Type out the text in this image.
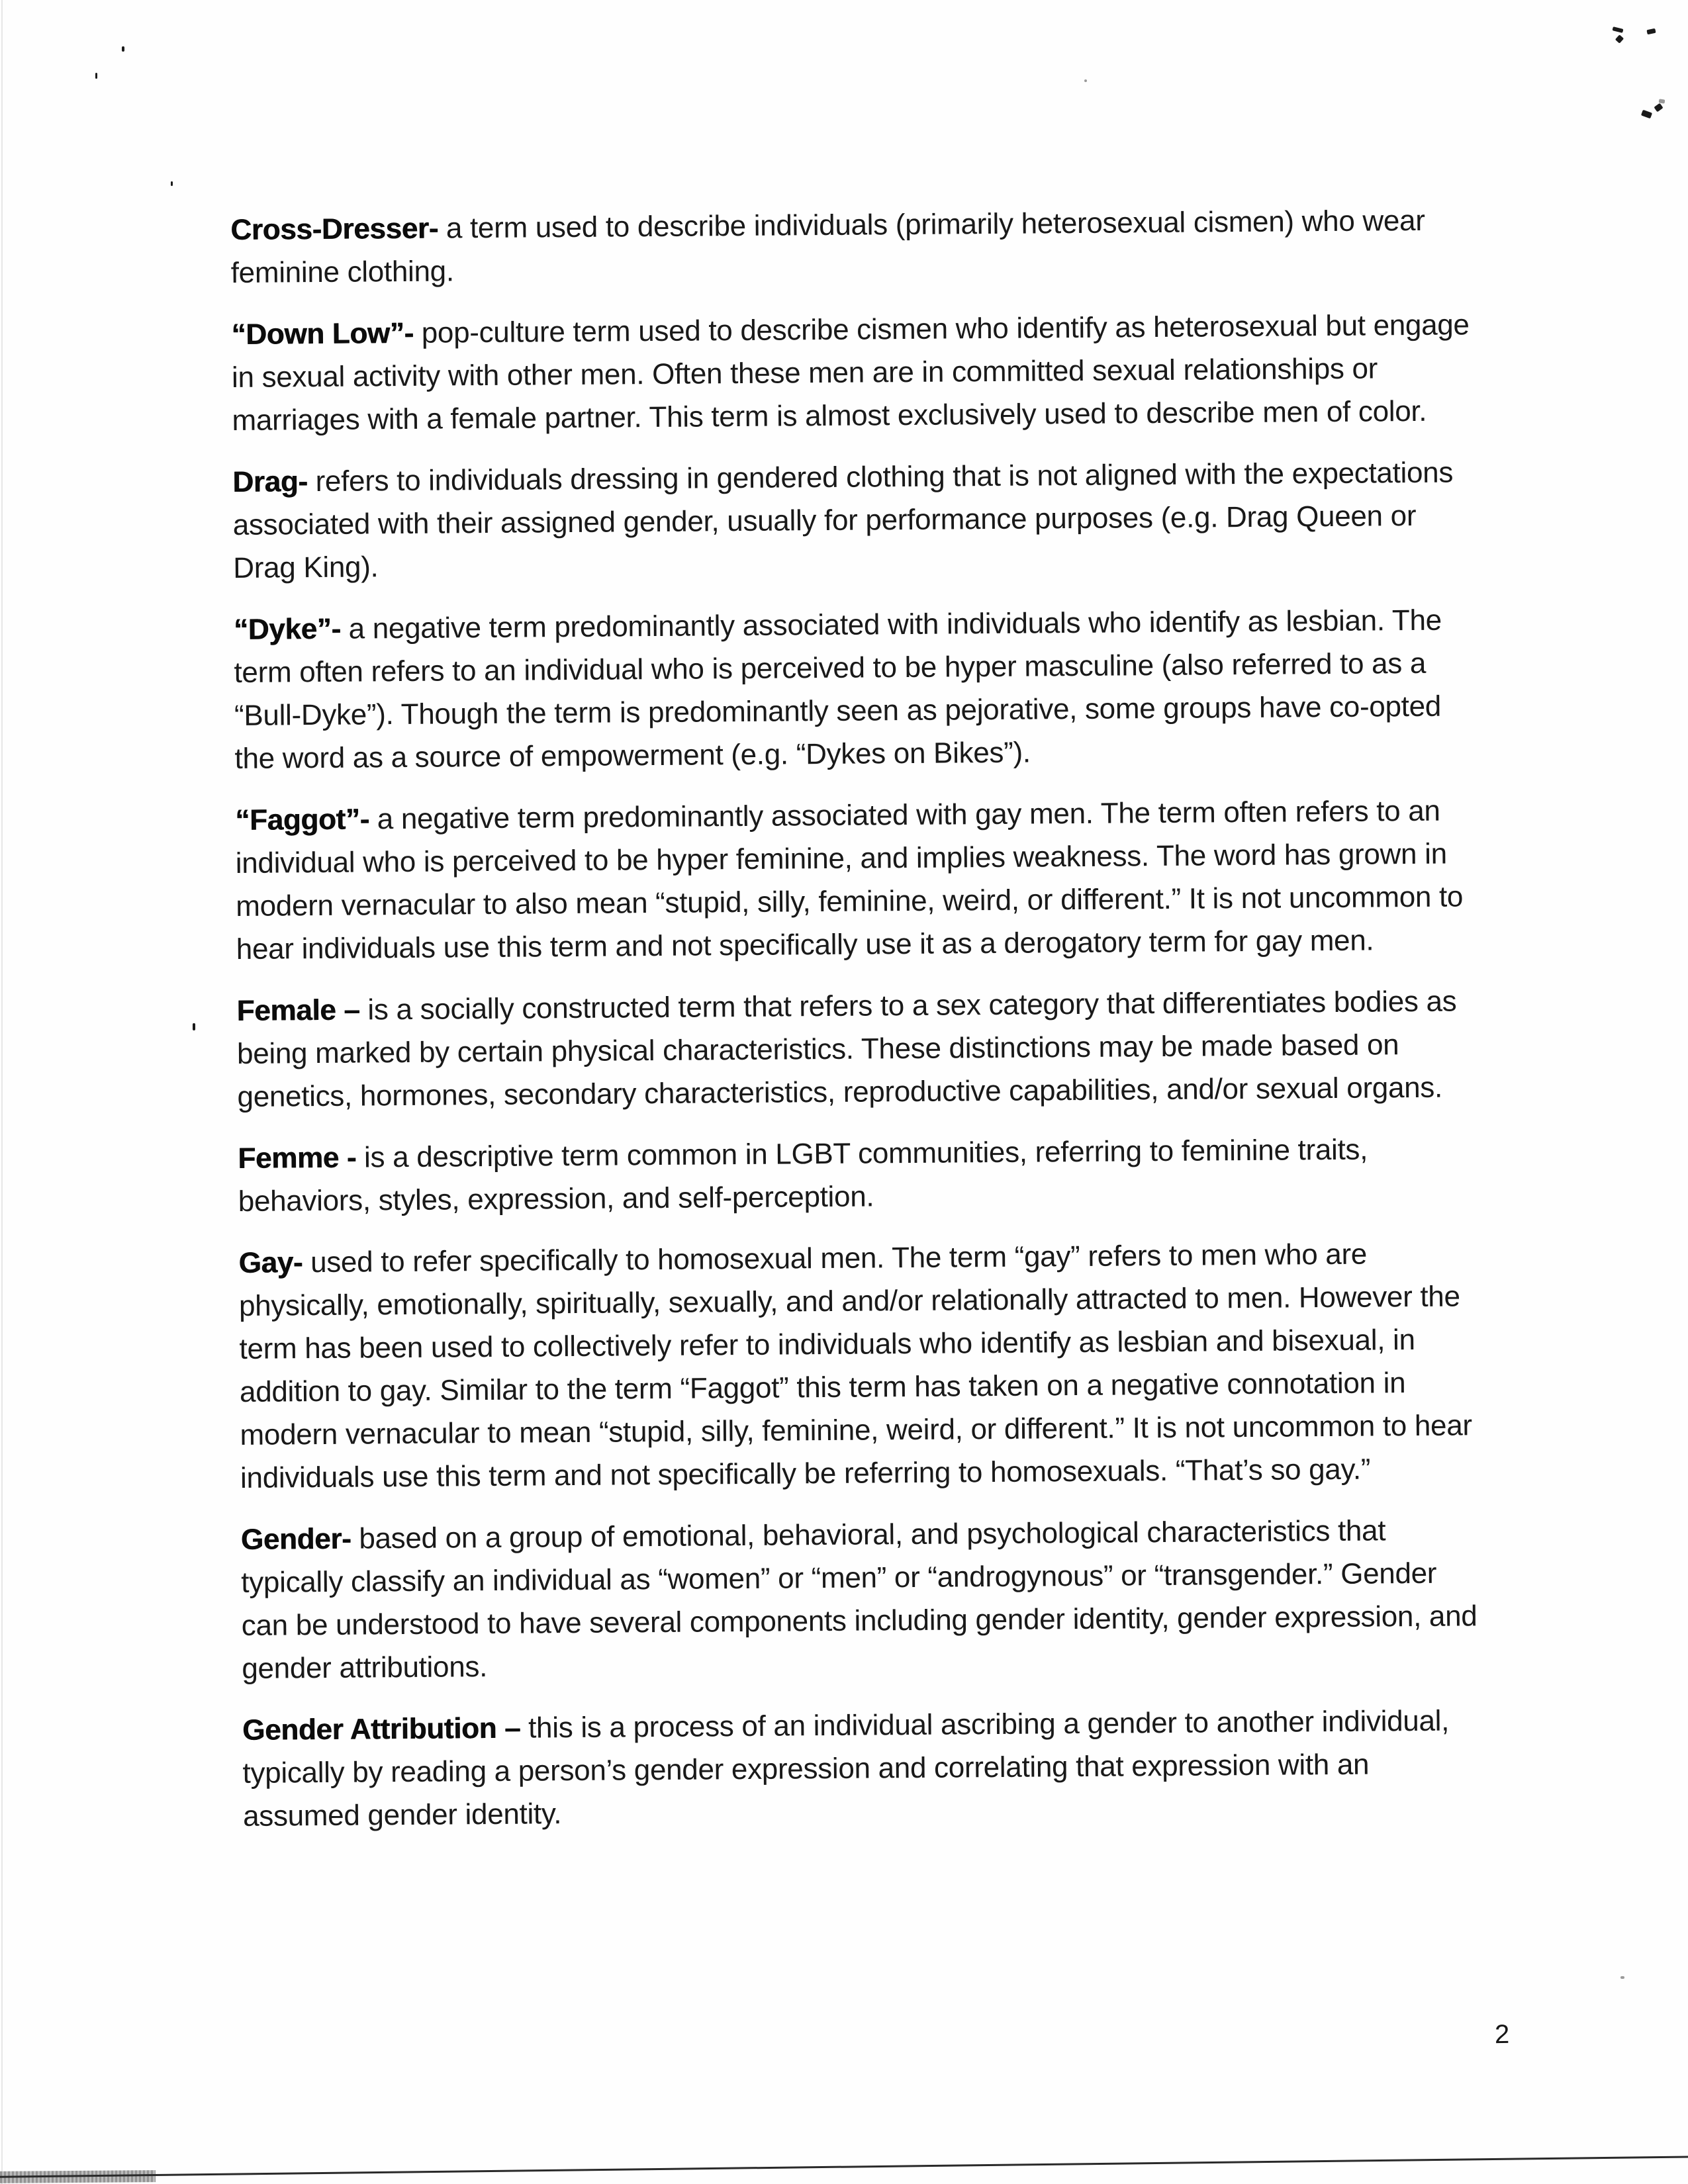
Cross-Dresser- a term used to describe individuals (primarily heterosexual cismen) who wear feminine clothing.

“Down Low”- pop-culture term used to describe cismen who identify as heterosexual but engage in sexual activity with other men. Often these men are in committed sexual relationships or marriages with a female partner. This term is almost exclusively used to describe men of color.

Drag- refers to individuals dressing in gendered clothing that is not aligned with the expectations associated with their assigned gender, usually for performance purposes (e.g. Drag Queen or Drag King).

“Dyke”- a negative term predominantly associated with individuals who identify as lesbian. The term often refers to an individual who is perceived to be hyper masculine (also referred to as a “Bull-Dyke”). Though the term is predominantly seen as pejorative, some groups have co-opted the word as a source of empowerment (e.g. “Dykes on Bikes”).

“Faggot”- a negative term predominantly associated with gay men. The term often refers to an individual who is perceived to be hyper feminine, and implies weakness. The word has grown in modern vernacular to also mean “stupid, silly, feminine, weird, or different.” It is not uncommon to hear individuals use this term and not specifically use it as a derogatory term for gay men.

Female – is a socially constructed term that refers to a sex category that differentiates bodies as being marked by certain physical characteristics. These distinctions may be made based on genetics, hormones, secondary characteristics, reproductive capabilities, and/or sexual organs.

Femme - is a descriptive term common in LGBT communities, referring to feminine traits, behaviors, styles, expression, and self-perception.

Gay- used to refer specifically to homosexual men. The term “gay” refers to men who are physically, emotionally, spiritually, sexually, and and/or relationally attracted to men. However the term has been used to collectively refer to individuals who identify as lesbian and bisexual, in addition to gay. Similar to the term “Faggot” this term has taken on a negative connotation in modern vernacular to mean “stupid, silly, feminine, weird, or different.” It is not uncommon to hear individuals use this term and not specifically be referring to homosexuals. “That’s so gay.”

Gender- based on a group of emotional, behavioral, and psychological characteristics that typically classify an individual as “women” or “men” or “androgynous” or “transgender.” Gender can be understood to have several components including gender identity, gender expression, and gender attributions.

Gender Attribution – this is a process of an individual ascribing a gender to another individual, typically by reading a person’s gender expression and correlating that expression with an assumed gender identity.

2
